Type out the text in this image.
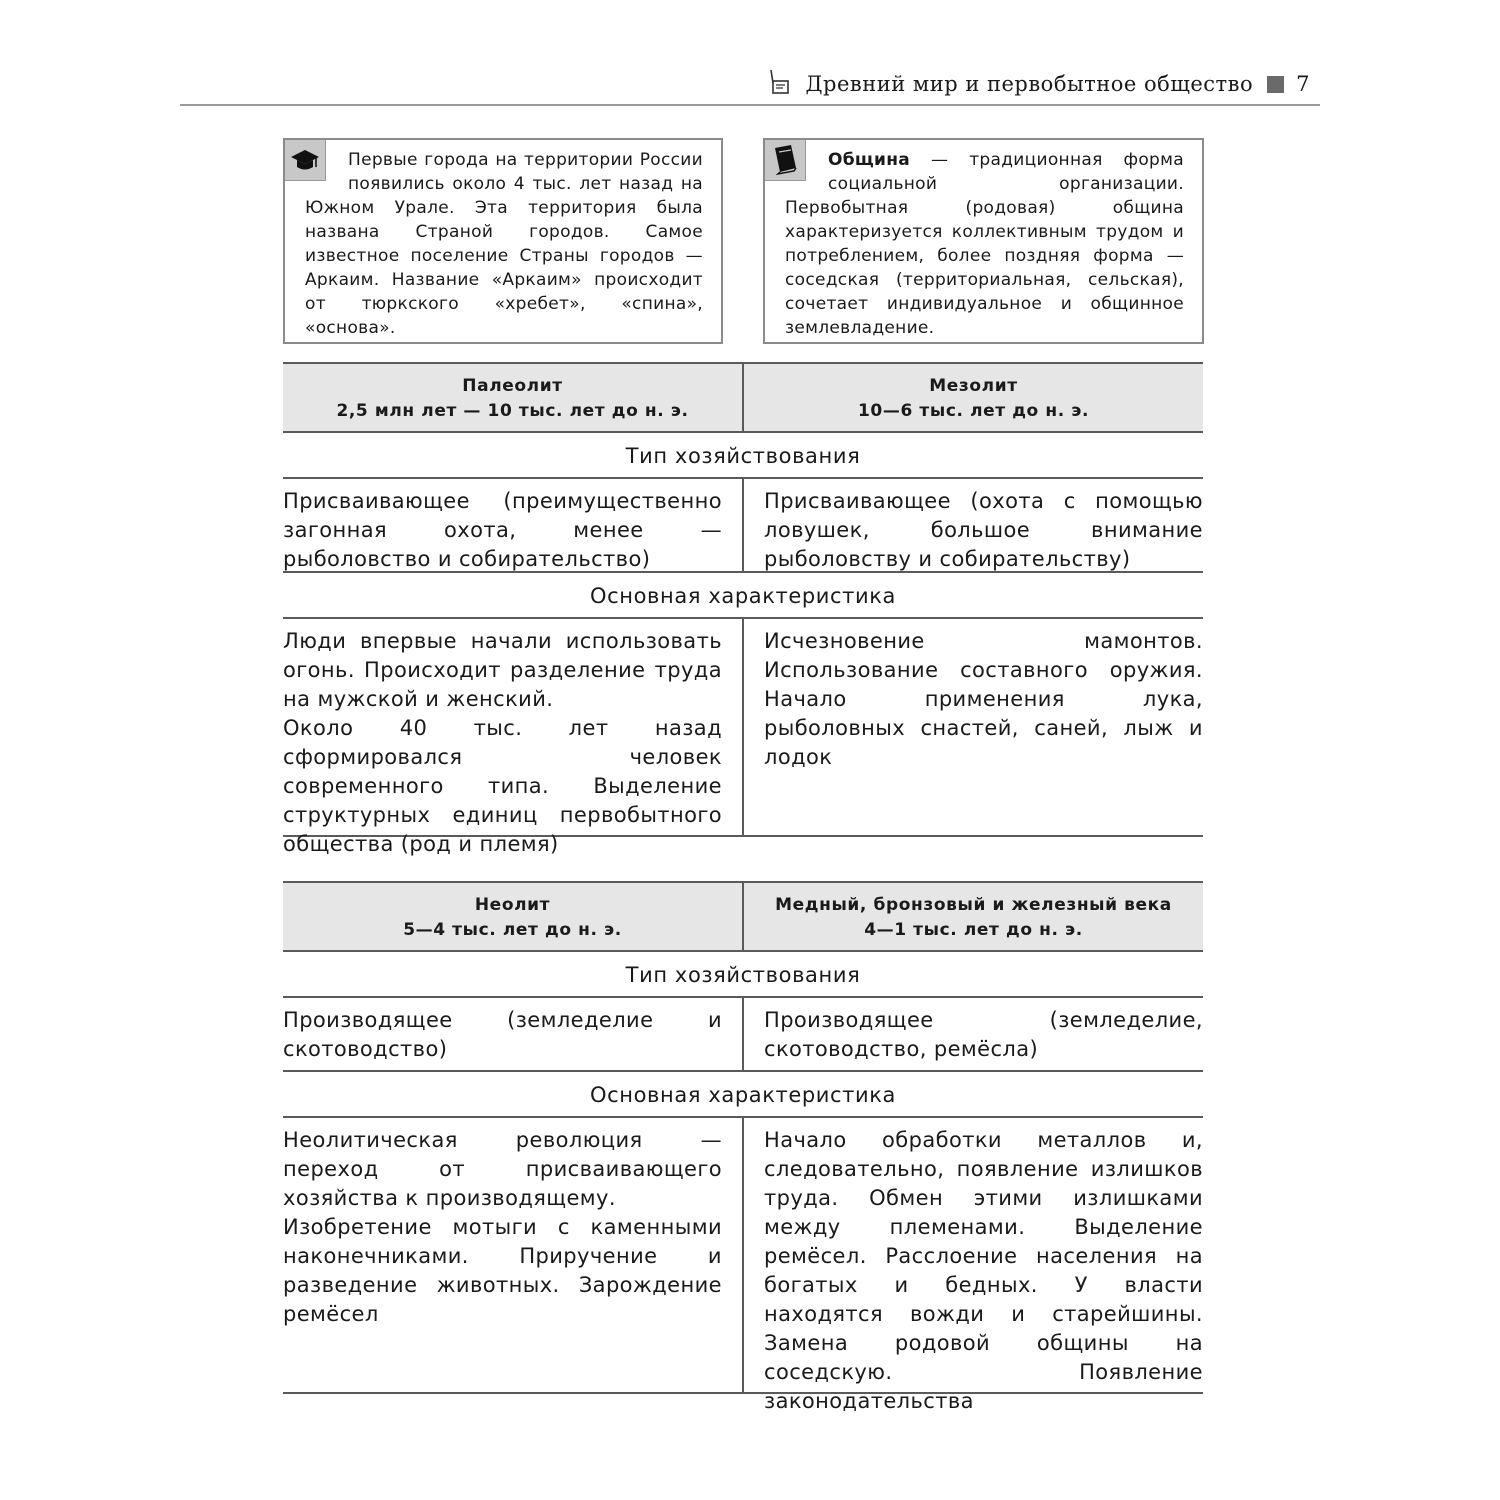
Древний мир и первобытное общество 7

Первые города на территории России появились около 4 тыс. лет назад на Южном Урале. Эта территория была названа Страной городов. Самое известное поселение Страны городов — Аркаим. Название «Аркаим» происходит от тюркского «хребет», «спина», «основа».

Община — традиционная форма социальной организации. Первобытная (родовая) община характеризуется коллективным трудом и потреблением, более поздняя форма — соседская (территориальная, сельская), сочетает индивидуальное и общинное землевладение.

Палеолит
2,5 млн лет — 10 тыс. лет до н. э.
Мезолит
10—6 тыс. лет до н. э.
Тип хозяйствования
Присваивающее (преимущественно загонная охота, менее — рыболовство и собирательство)
Присваивающее (охота с помощью ловушек, большое внимание рыболовству и собирательству)
Основная характеристика
Люди впервые начали использовать огонь. Происходит разделение труда на мужской и женский.
Около 40 тыс. лет назад сформировался человек современного типа. Выделение структурных единиц первобытного общества (род и племя)
Исчезновение мамонтов. Использование составного оружия. Начало применения лука, рыболовных снастей, саней, лыж и лодок
Неолит
5—4 тыс. лет до н. э.
Медный, бронзовый и железный века
4—1 тыс. лет до н. э.
Тип хозяйствования
Производящее (земледелие и скотоводство)
Производящее (земледелие, скотоводство, ремёсла)
Основная характеристика
Неолитическая революция — переход от присваивающего хозяйства к производящему.
Изобретение мотыги с каменными наконечниками. Приручение и разведение животных. Зарождение ремёсел
Начало обработки металлов и, следовательно, появление излишков труда. Обмен этими излишками между племенами. Выделение ремёсел. Расслоение населения на богатых и бедных. У власти находятся вожди и старейшины. Замена родовой общины на соседскую. Появление законодательства
